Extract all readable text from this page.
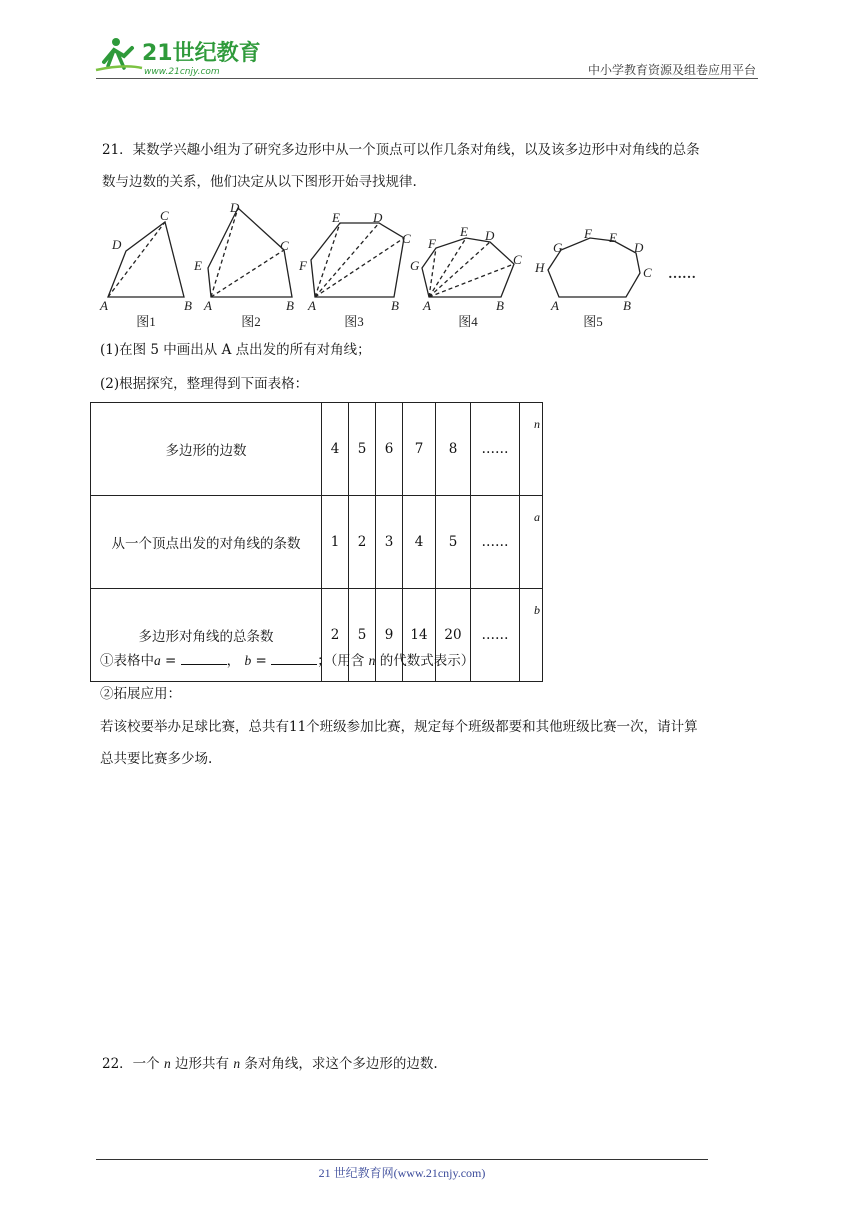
21世纪教育
www.21cnjy.com	中小学教育资源及组卷应用平台
21．某数学兴趣小组为了研究多边形中从一个顶点可以作几条对角线，以及该多边形中对角线的总条
数与边数的关系，他们决定从以下图形开始寻找规律.
A	B
C
D
A	B
C
D
E
A	B
C
D
E
F
A	B
C
D
E
F
G
A	B
C
D
E
F
G
H
图1	图2	图3	图4	图5
……
(1)在图 5 中画出从 A 点出发的所有对角线；
(2)根据探究，整理得到下面表格：
多边形的边数	4	5	6	7	8	……	n
从一个顶点出发的对角线的条数	1	2	3	4	5	……	a
多边形对角线的总条数	2	5	9	14	20	……	b
①表格中a =	， b =	；（用含 n 的代数式表示）
②拓展应用：
若该校要举办足球比赛，总共有11个班级参加比赛，规定每个班级都要和其他班级比赛一次，请计算
总共要比赛多少场.
22．一个 n 边形共有 n 条对角线，求这个多边形的边数.
21 世纪教育网(www.21cnjy.com)
